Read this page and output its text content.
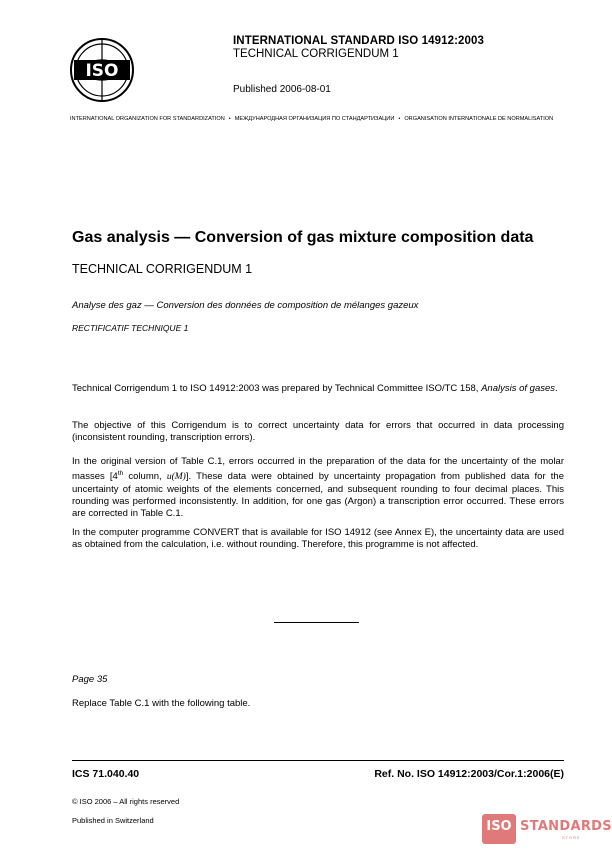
ISO
INTERNATIONAL STANDARD ISO 14912:2003
TECHNICAL CORRIGENDUM 1
Published 2006-08-01
INTERNATIONAL ORGANIZATION FOR STANDARDIZATION • МЕЖДУНАРОДНАЯ ОРГАНИЗАЦИЯ ПО СТАНДАРТИЗАЦИИ • ORGANISATION INTERNATIONALE DE NORMALISATION
Gas analysis — Conversion of gas mixture composition data
TECHNICAL CORRIGENDUM 1
Analyse des gaz — Conversion des données de composition de mélanges gazeux
RECTIFICATIF TECHNIQUE 1
Technical Corrigendum 1 to ISO 14912:2003 was prepared by Technical Committee ISO/TC 158, Analysis of gases.
The objective of this Corrigendum is to correct uncertainty data for errors that occurred in data processing (inconsistent rounding, transcription errors).
In the original version of Table C.1, errors occurred in the preparation of the data for the uncertainty of the molar masses [4th column, u(M)]. These data were obtained by uncertainty propagation from published data for the uncertainty of atomic weights of the elements concerned, and subsequent rounding to four decimal places. This rounding was performed inconsistently. In addition, for one gas (Argon) a transcription error occurred. These errors are corrected in Table C.1.
In the computer programme CONVERT that is available for ISO 14912 (see Annex E), the uncertainty data are used as obtained from the calculation, i.e. without rounding. Therefore, this programme is not affected.
Page 35
Replace Table C.1 with the following table.
ICS 71.040.40	Ref. No. ISO 14912:2003/Cor.1:2006(E)
© ISO 2006 – All rights reserved
Published in Switzerland	ISO STANDARDS
STORE
